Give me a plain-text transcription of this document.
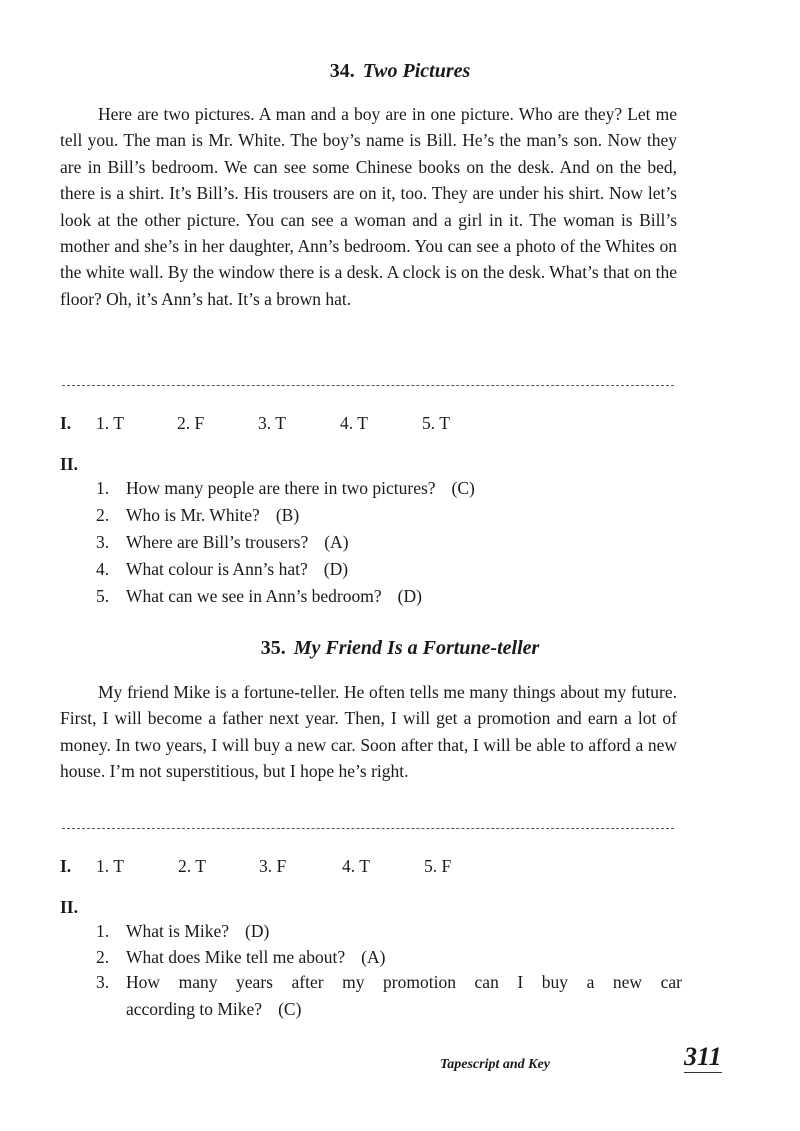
34. Two Pictures

Here are two pictures. A man and a boy are in one picture. Who are they? Let me tell you. The man is Mr. White. The boy’s name is Bill. He’s the man’s son. Now they are in Bill’s bedroom. We can see some Chinese books on the desk. And on the bed, there is a shirt. It’s Bill’s. His trousers are on it, too. They are under his shirt. Now let’s look at the other picture. You can see a woman and a girl in it. The woman is Bill’s mother and she’s in her daughter, Ann’s bedroom. You can see a photo of the Whites on the white wall. By the window there is a desk. A clock is on the desk. What’s that on the floor? Oh, it’s Ann’s hat. It’s a brown hat.

I. 1. T	2. F	3. T	4. T	5. T
II.
1. How many people are there in two pictures? (C)
2. Who is Mr. White? (B)
3. Where are Bill’s trousers? (A)
4. What colour is Ann’s hat? (D)
5. What can we see in Ann’s bedroom? (D)
35. My Friend Is a Fortune-teller

My friend Mike is a fortune-teller. He often tells me many things about my future. First, I will become a father next year. Then, I will get a promotion and earn a lot of money. In two years, I will buy a new car. Soon after that, I will be able to afford a new house. I’m not superstitious, but I hope he’s right.

I. 1. T	2. T	3. F	4. T	5. F
II.
1. What is Mike? (D)
2. What does Mike tell me about? (A)
3. How many years after my promotion can I buy a new car
according to Mike? (C)
Tapescript and Key	311
